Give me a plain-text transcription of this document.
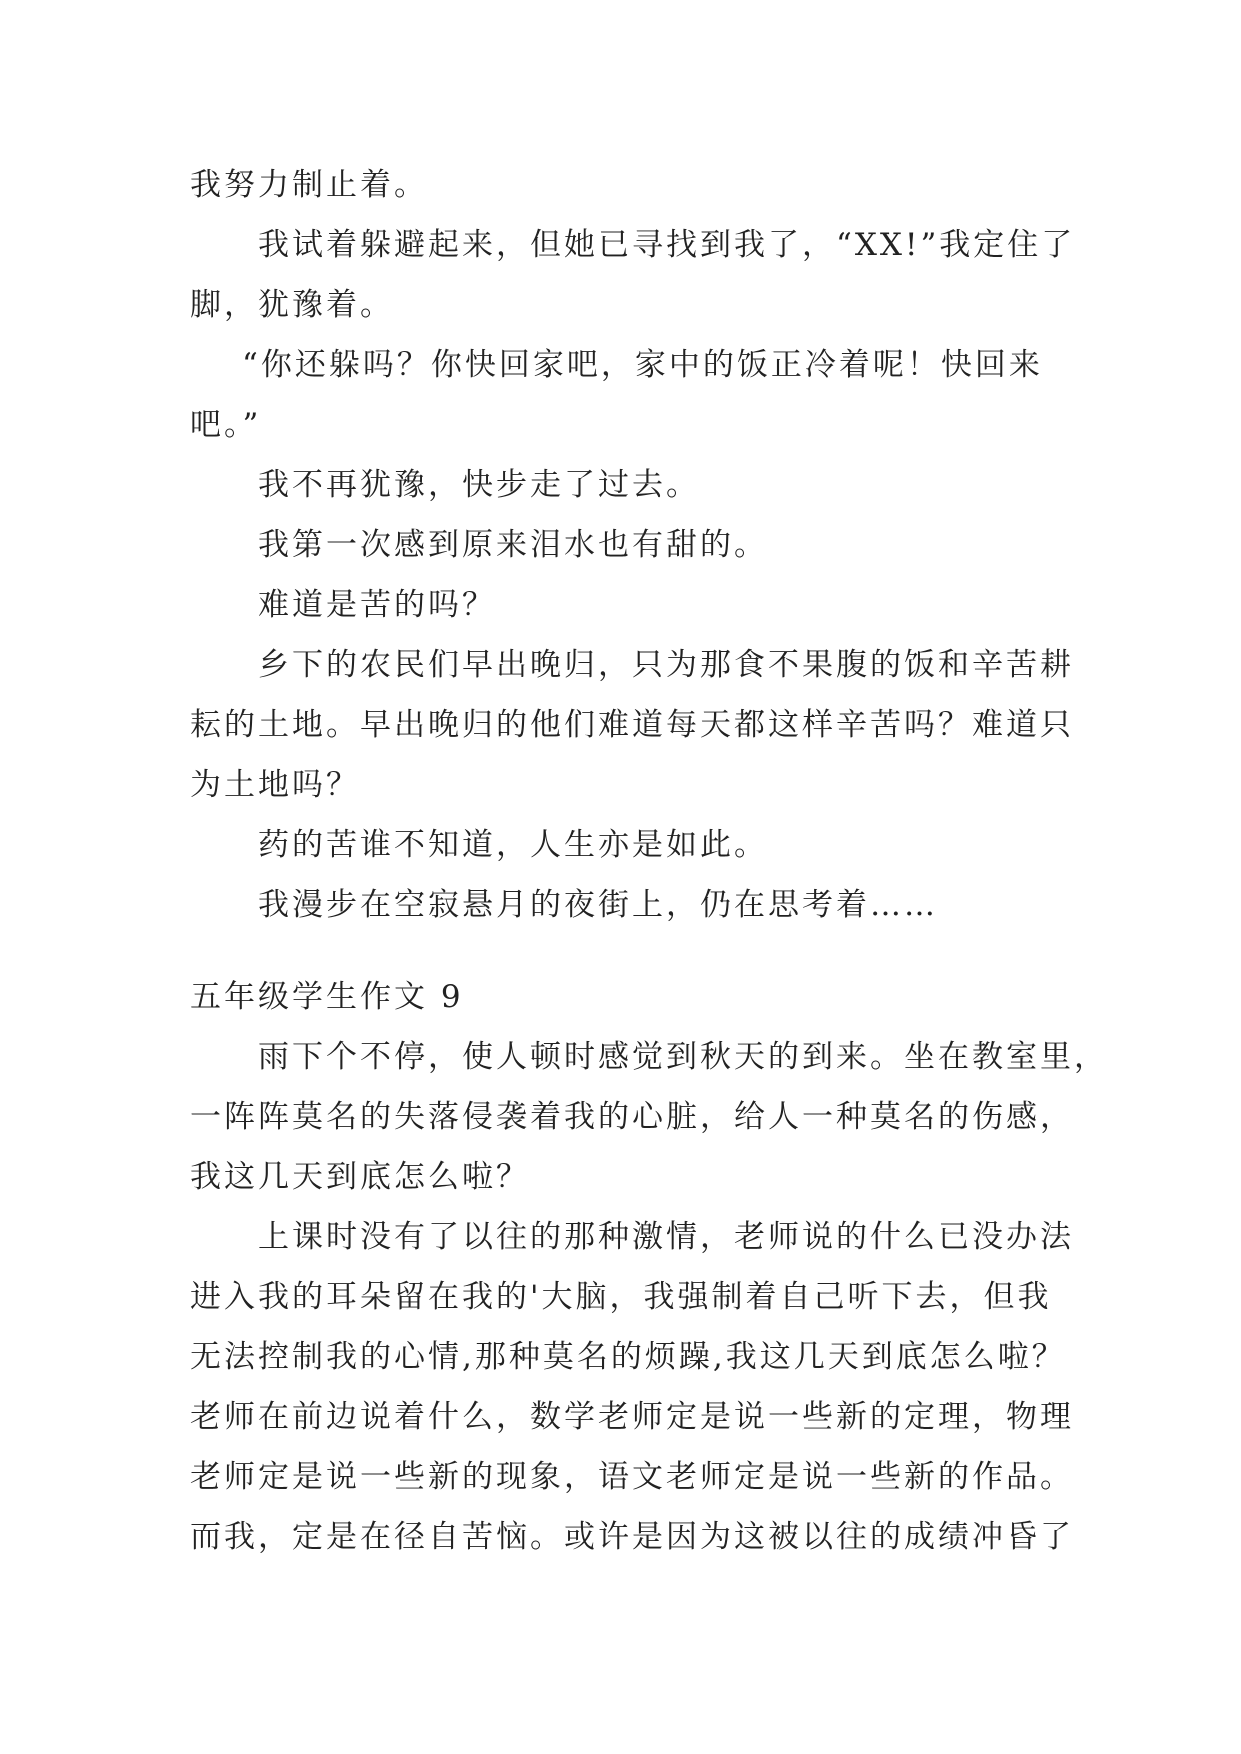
我努力制止着。
我试着躲避起来，但她已寻找到我了，“XX!”我定住了
脚，犹豫着。
“你还躲吗？你快回家吧，家中的饭正冷着呢！快回来
吧。”
我不再犹豫，快步走了过去。
我第一次感到原来泪水也有甜的。
难道是苦的吗？
乡下的农民们早出晚归，只为那食不果腹的饭和辛苦耕
耘的土地。早出晚归的他们难道每天都这样辛苦吗？难道只
为土地吗？
药的苦谁不知道，人生亦是如此。
我漫步在空寂悬月的夜街上，仍在思考着……
五年级学生作文 9
雨下个不停，使人顿时感觉到秋天的到来。坐在教室里，
一阵阵莫名的失落侵袭着我的心脏，给人一种莫名的伤感，
我这几天到底怎么啦？
上课时没有了以往的那种激情，老师说的什么已没办法
进入我的耳朵留在我的'大脑，我强制着自己听下去，但我
无法控制我的心情,那种莫名的烦躁,我这几天到底怎么啦？
老师在前边说着什么，数学老师定是说一些新的定理，物理
老师定是说一些新的现象，语文老师定是说一些新的作品。
而我，定是在径自苦恼。或许是因为这被以往的成绩冲昏了
